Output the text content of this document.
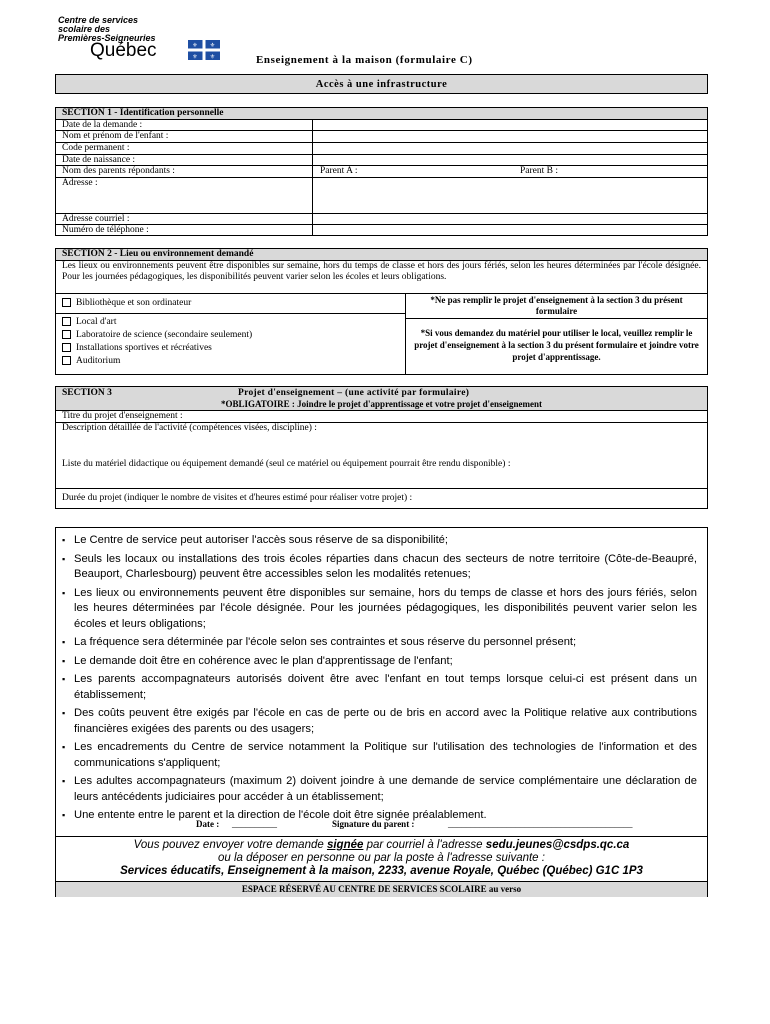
Centre de services
scolaire des
Premières-Seigneuries
Québec	⚜ ⚜
⚜ ⚜	Enseignement à la maison (formulaire C)
Accès à une infrastructure
SECTION 1 - Identification personnelle
Date de la demande :
Nom et prénom de l'enfant :
Code permanent :
Date de naissance :
Nom des parents répondants :	Parent A :	Parent B :
Adresse :
Adresse courriel :
Numéro de téléphone :
SECTION 2 - Lieu ou environnement demandé
Les lieux ou environnements peuvent être disponibles sur semaine, hors du temps de classe et hors des jours fériés, selon les heures déterminées par l'école désignée. Pour les journées pédagogiques, les disponibilités peuvent varier selon les écoles et leurs obligations.
Bibliothèque et son ordinateur
Local d'art
Laboratoire de science (secondaire seulement)
Installations sportives et récréatives
Auditorium
*Ne pas remplir le projet d'enseignement à la section 3 du présent formulaire
*Si vous demandez du matériel pour utiliser le local, veuillez remplir le projet d'enseignement à la section 3 du présent formulaire et joindre votre projet d'apprentissage.
SECTION 3	Projet d'enseignement – (une activité par formulaire)
*OBLIGATOIRE : Joindre le projet d'apprentissage et votre projet d'enseignement
Titre du projet d'enseignement :
Description détaillée de l'activité (compétences visées, discipline) :
Liste du matériel didactique ou équipement demandé (seul ce matériel ou équipement pourrait être rendu disponible) :
Durée du projet (indiquer le nombre de visites et d'heures estimé pour réaliser votre projet) :
▪ Le Centre de service peut autoriser l'accès sous réserve de sa disponibilité;
▪ Seuls les locaux ou installations des trois écoles réparties dans chacun des secteurs de notre territoire (Côte-de-Beaupré, Beauport, Charlesbourg) peuvent être accessibles selon les modalités retenues;
▪ Les lieux ou environnements peuvent être disponibles sur semaine, hors du temps de classe et hors des jours fériés, selon les heures déterminées par l'école désignée. Pour les journées pédagogiques, les disponibilités peuvent varier selon les écoles et leurs obligations;
▪ La fréquence sera déterminée par l'école selon ses contraintes et sous réserve du personnel présent;
▪ Le demande doit être en cohérence avec le plan d'apprentissage de l'enfant;
▪ Les parents accompagnateurs autorisés doivent être avec l'enfant en tout temps lorsque celui-ci est présent dans un établissement;
▪ Des coûts peuvent être exigés par l'école en cas de perte ou de bris en accord avec la Politique relative aux contributions financières exigées des parents ou des usagers;
▪ Les encadrements du Centre de service notamment la Politique sur l'utilisation des technologies de l'information et des communications s'appliquent;
▪ Les adultes accompagnateurs (maximum 2) doivent joindre à une demande de service complémentaire une déclaration de leurs antécédents judiciaires pour accéder à un établissement;
▪ Une entente entre le parent et la direction de l'école doit être signée préalablement.
Date : __________	Signature du parent :	_________________________________________
Vous pouvez envoyer votre demande signée par courriel à l'adresse sedu.jeunes@csdps.qc.ca
ou la déposer en personne ou par la poste à l'adresse suivante :
Services éducatifs, Enseignement à la maison, 2233, avenue Royale, Québec (Québec) G1C 1P3
ESPACE RÉSERVÉ AU CENTRE DE SERVICES SCOLAIRE au verso
